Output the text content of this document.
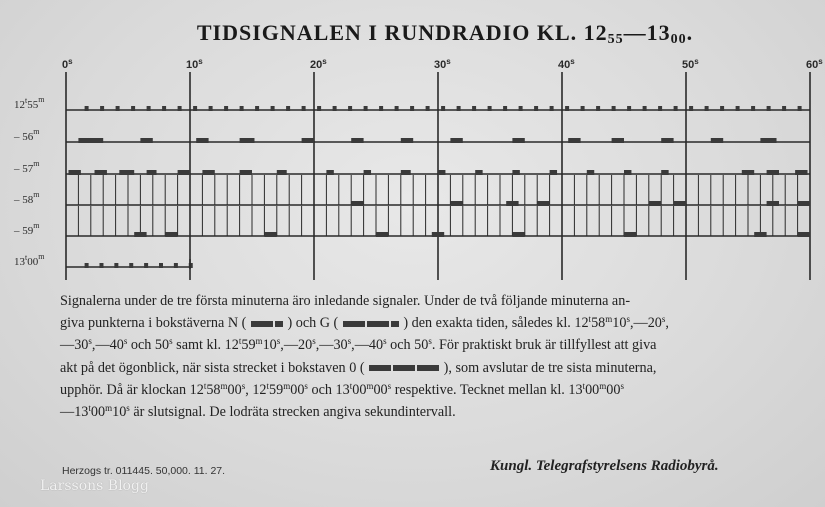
TIDSIGNALEN I RUNDRADIO KL. $12_{55}—13_{00}$.
0$^s$	10$^s$	20$^s$	30$^s$	40$^s$	50$^s$	60$^s$
12$^t$55$^m$
– 56$^m$
– 57$^m$
– 58$^m$
– 59$^m$
13$^t$00$^m$
Signalerna under de tre första minuterna äro inledande signaler. Under de två följande minuterna an-
giva punkterna i bokstäverna N (	) och G (	) den exakta tiden, således kl. 12$^t$58$^m$10$^s$,—20$^s$,
—30$^s$,—40$^s$ och 50$^s$ samt kl. 12$^t$59$^m$10$^s$,—20$^s$,—30$^s$,—40$^s$ och 50$^s$. För praktiskt bruk är tillfyllest att giva
akt på det ögonblick, när sista strecket i bokstaven 0 (	), som avslutar de tre sista minuterna,
upphör. Då är klockan 12$^t$58$^m$00$^s$, 12$^t$59$^m$00$^s$ och 13$^t$00$^m$00$^s$ respektive. Tecknet mellan kl. 13$^t$00$^m$00$^s$
—13$^t$00$^m$10$^s$ är slutsignal. De lodräta strecken angiva sekundintervall.
Herzogs tr. 011445. 50,000. 11. 27.	Kungl. Telegrafstyrelsens Radiobyrå.
Larssons Blogg
